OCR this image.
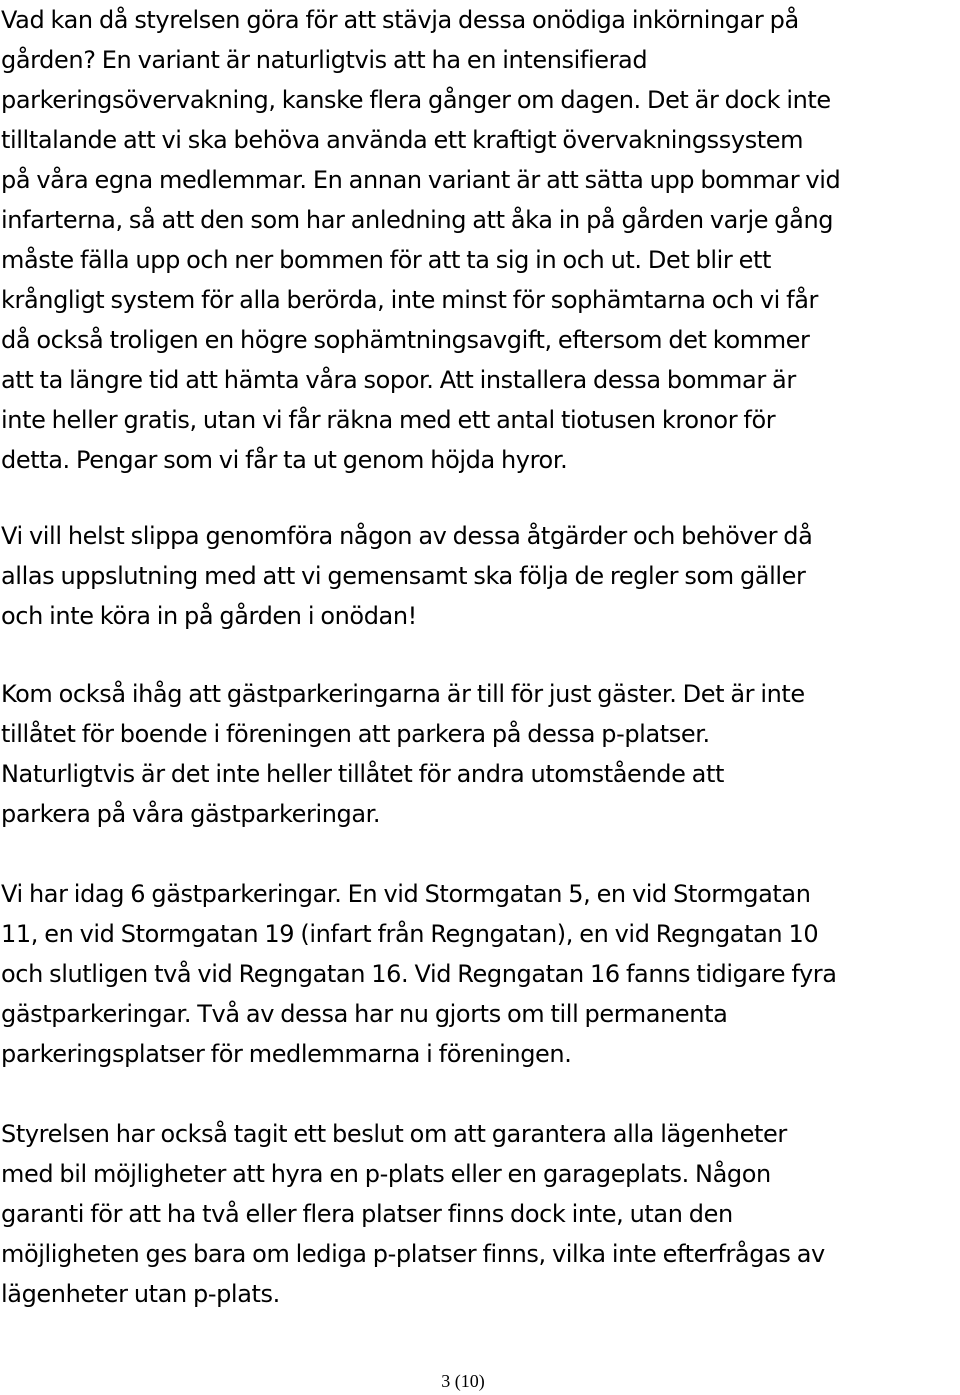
Vad kan då styrelsen göra för att stävja dessa onödiga inkörningar på
gården? En variant är naturligtvis att ha en intensifierad
parkeringsövervakning, kanske flera gånger om dagen. Det är dock inte
tilltalande att vi ska behöva använda ett kraftigt övervakningssystem
på våra egna medlemmar. En annan variant är att sätta upp bommar vid
infarterna, så att den som har anledning att åka in på gården varje gång
måste fälla upp och ner bommen för att ta sig in och ut. Det blir ett
krångligt system för alla berörda, inte minst för sophämtarna och vi får
då också troligen en högre sophämtningsavgift, eftersom det kommer
att ta längre tid att hämta våra sopor. Att installera dessa bommar är
inte heller gratis, utan vi får räkna med ett antal tiotusen kronor för
detta. Pengar som vi får ta ut genom höjda hyror.

Vi vill helst slippa genomföra någon av dessa åtgärder och behöver då
allas uppslutning med att vi gemensamt ska följa de regler som gäller
och inte köra in på gården i onödan!

Kom också ihåg att gästparkeringarna är till för just gäster. Det är inte
tillåtet för boende i föreningen att parkera på dessa p-platser.
Naturligtvis är det inte heller tillåtet för andra utomstående att
parkera på våra gästparkeringar.

Vi har idag 6 gästparkeringar. En vid Stormgatan 5, en vid Stormgatan
11, en vid Stormgatan 19 (infart från Regngatan), en vid Regngatan 10
och slutligen två vid Regngatan 16. Vid Regngatan 16 fanns tidigare fyra
gästparkeringar. Två av dessa har nu gjorts om till permanenta
parkeringsplatser för medlemmarna i föreningen.

Styrelsen har också tagit ett beslut om att garantera alla lägenheter
med bil möjligheter att hyra en p-plats eller en garageplats. Någon
garanti för att ha två eller flera platser finns dock inte, utan den
möjligheten ges bara om lediga p-platser finns, vilka inte efterfrågas av
lägenheter utan p-plats.

3 (10)
